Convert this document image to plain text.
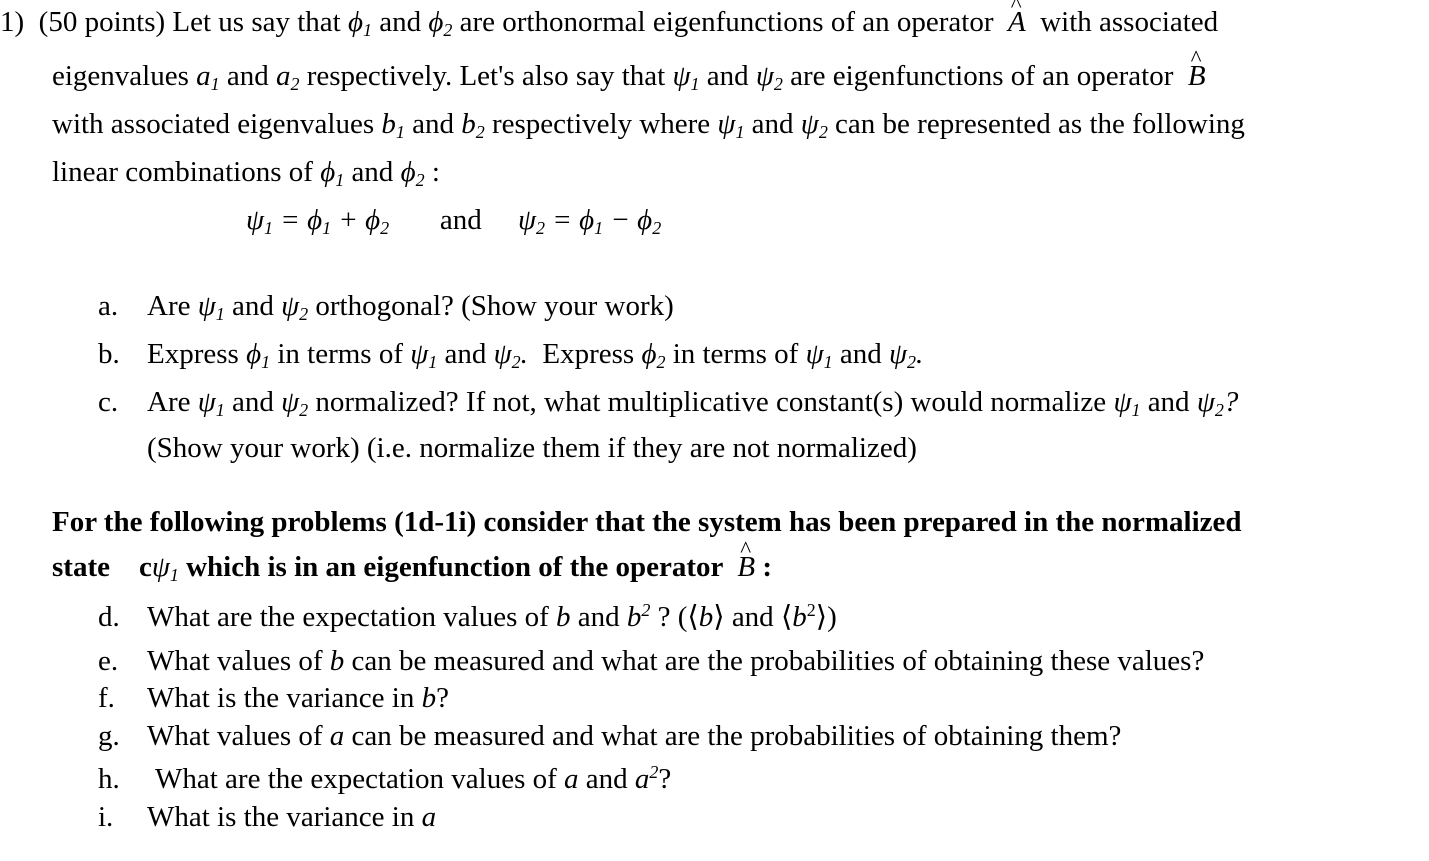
1) (50 points) Let us say that $\phi_1$ and $\phi_2$ are orthonormal eigenfunctions of an operator ^ A with associated
eigenvalues $a_1$ and $a_2$ respectively. Let's also say that $\psi_1$ and $\psi_2$ are eigenfunctions of an operator ^ B
with associated eigenvalues $b_1$ and $b_2$ respectively where $\psi_1$ and $\psi_2$ can be represented as the following
linear combinations of $\phi_1$ and $\phi_2$ :
$\psi_1 = \phi_1 + \phi_2$ and $\psi_2 = \phi_1 - \phi_2$
a. Are $\psi_1$ and $\psi_2$ orthogonal? (Show your work)
b. Express $\phi_1$ in terms of $\psi_1$ and $\psi_2$. Express $\phi_2$ in terms of $\psi_1$ and $\psi_2$.
c. Are $\psi_1$ and $\psi_2$ normalized? If not, what multiplicative constant(s) would normalize $\psi_1$ and $\psi_2$?
(Show your work) (i.e. normalize them if they are not normalized)
For the following problems (1d-1i) consider that the system has been prepared in the normalized
state $c\psi_1$ which is in an eigenfunction of the operator ^ B :
d. What are the expectation values of b and $b^2$ ? (⟨b⟩ and $⟨b^2⟩$)
e. What values of b can be measured and what are the probabilities of obtaining these values?
f. What is the variance in b?
g. What values of a can be measured and what are the probabilities of obtaining them?
h. What are the expectation values of a and $a^2$?
i. What is the variance in a
